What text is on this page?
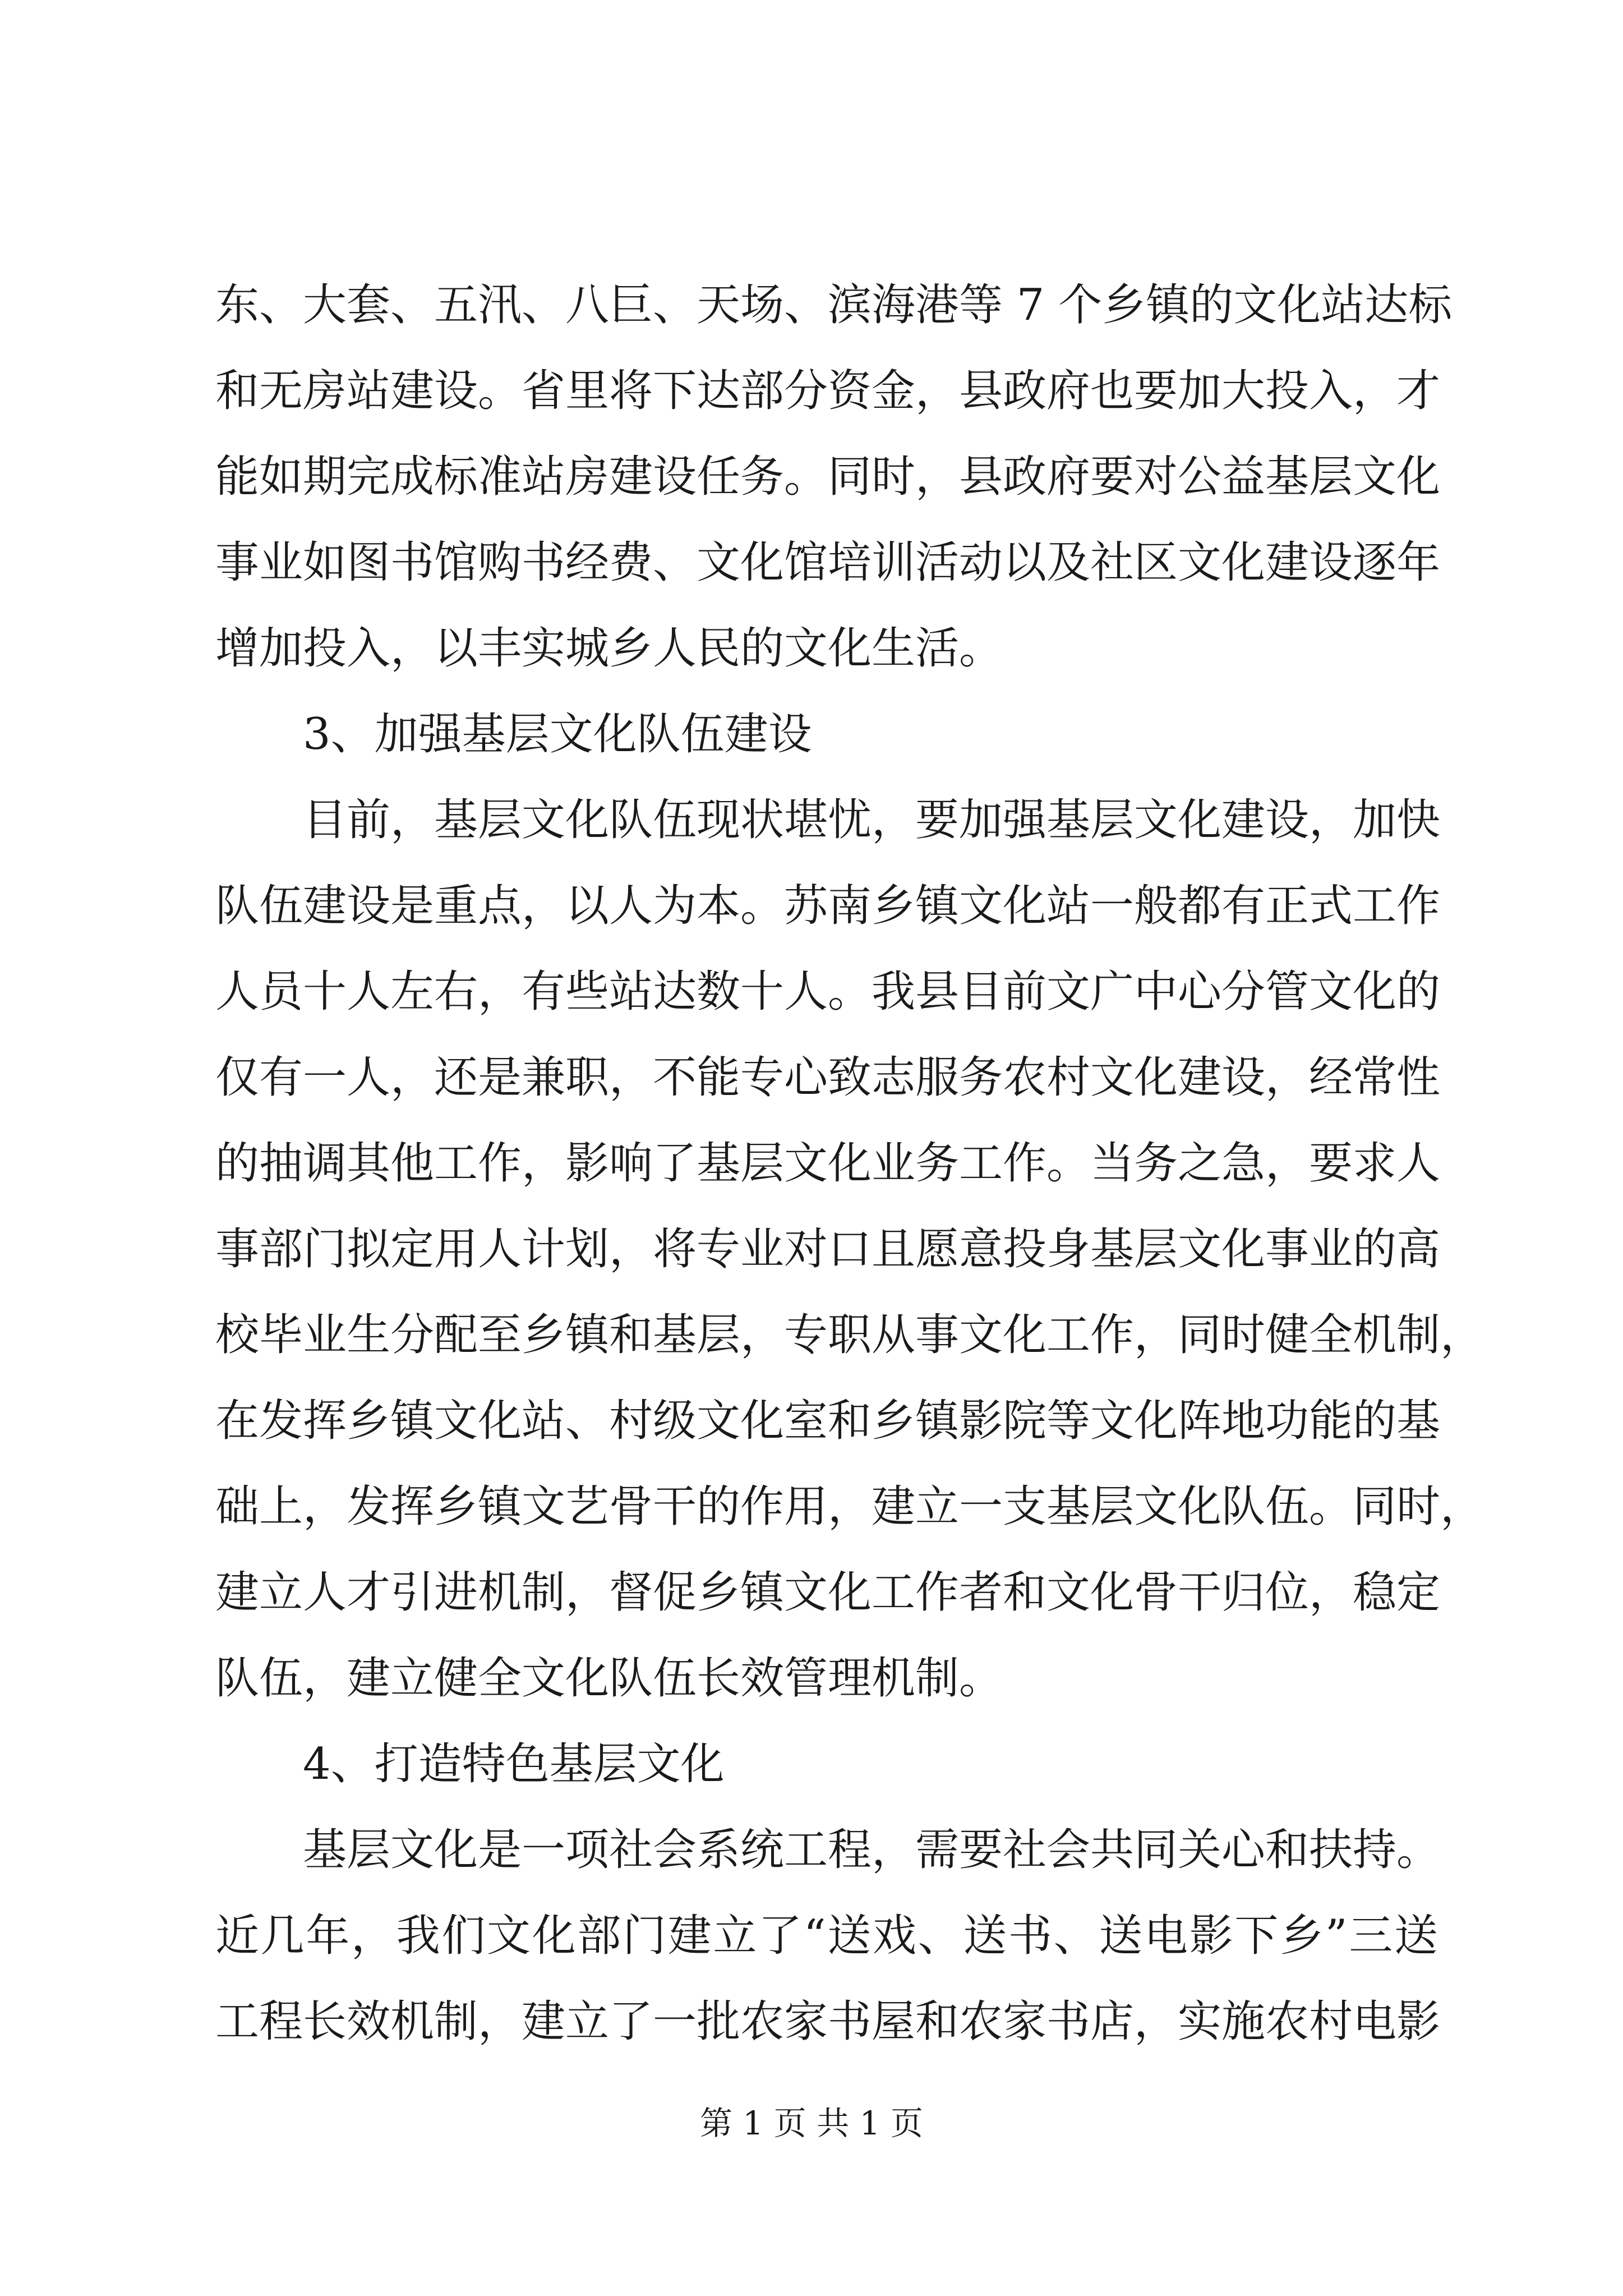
东、大套、五汛、八巨、天场、滨海港等 7 个乡镇的文化站达标
和无房站建设。省里将下达部分资金，县政府也要加大投入，才
能如期完成标准站房建设任务。同时，县政府要对公益基层文化
事业如图书馆购书经费、文化馆培训活动以及社区文化建设逐年
增加投入，以丰实城乡人民的文化生活。
3、加强基层文化队伍建设
目前，基层文化队伍现状堪忧，要加强基层文化建设，加快
队伍建设是重点，以人为本。苏南乡镇文化站一般都有正式工作
人员十人左右，有些站达数十人。我县目前文广中心分管文化的
仅有一人，还是兼职，不能专心致志服务农村文化建设，经常性
的抽调其他工作，影响了基层文化业务工作。当务之急，要求人
事部门拟定用人计划，将专业对口且愿意投身基层文化事业的高
校毕业生分配至乡镇和基层，专职从事文化工作，同时健全机制，
在发挥乡镇文化站、村级文化室和乡镇影院等文化阵地功能的基
础上，发挥乡镇文艺骨干的作用，建立一支基层文化队伍。同时，
建立人才引进机制，督促乡镇文化工作者和文化骨干归位，稳定
队伍，建立健全文化队伍长效管理机制。
4、打造特色基层文化
基层文化是一项社会系统工程，需要社会共同关心和扶持。
近几年，我们文化部门建立了“送戏、送书、送电影下乡”三送
工程长效机制，建立了一批农家书屋和农家书店，实施农村电影
第 1 页 共 1 页
